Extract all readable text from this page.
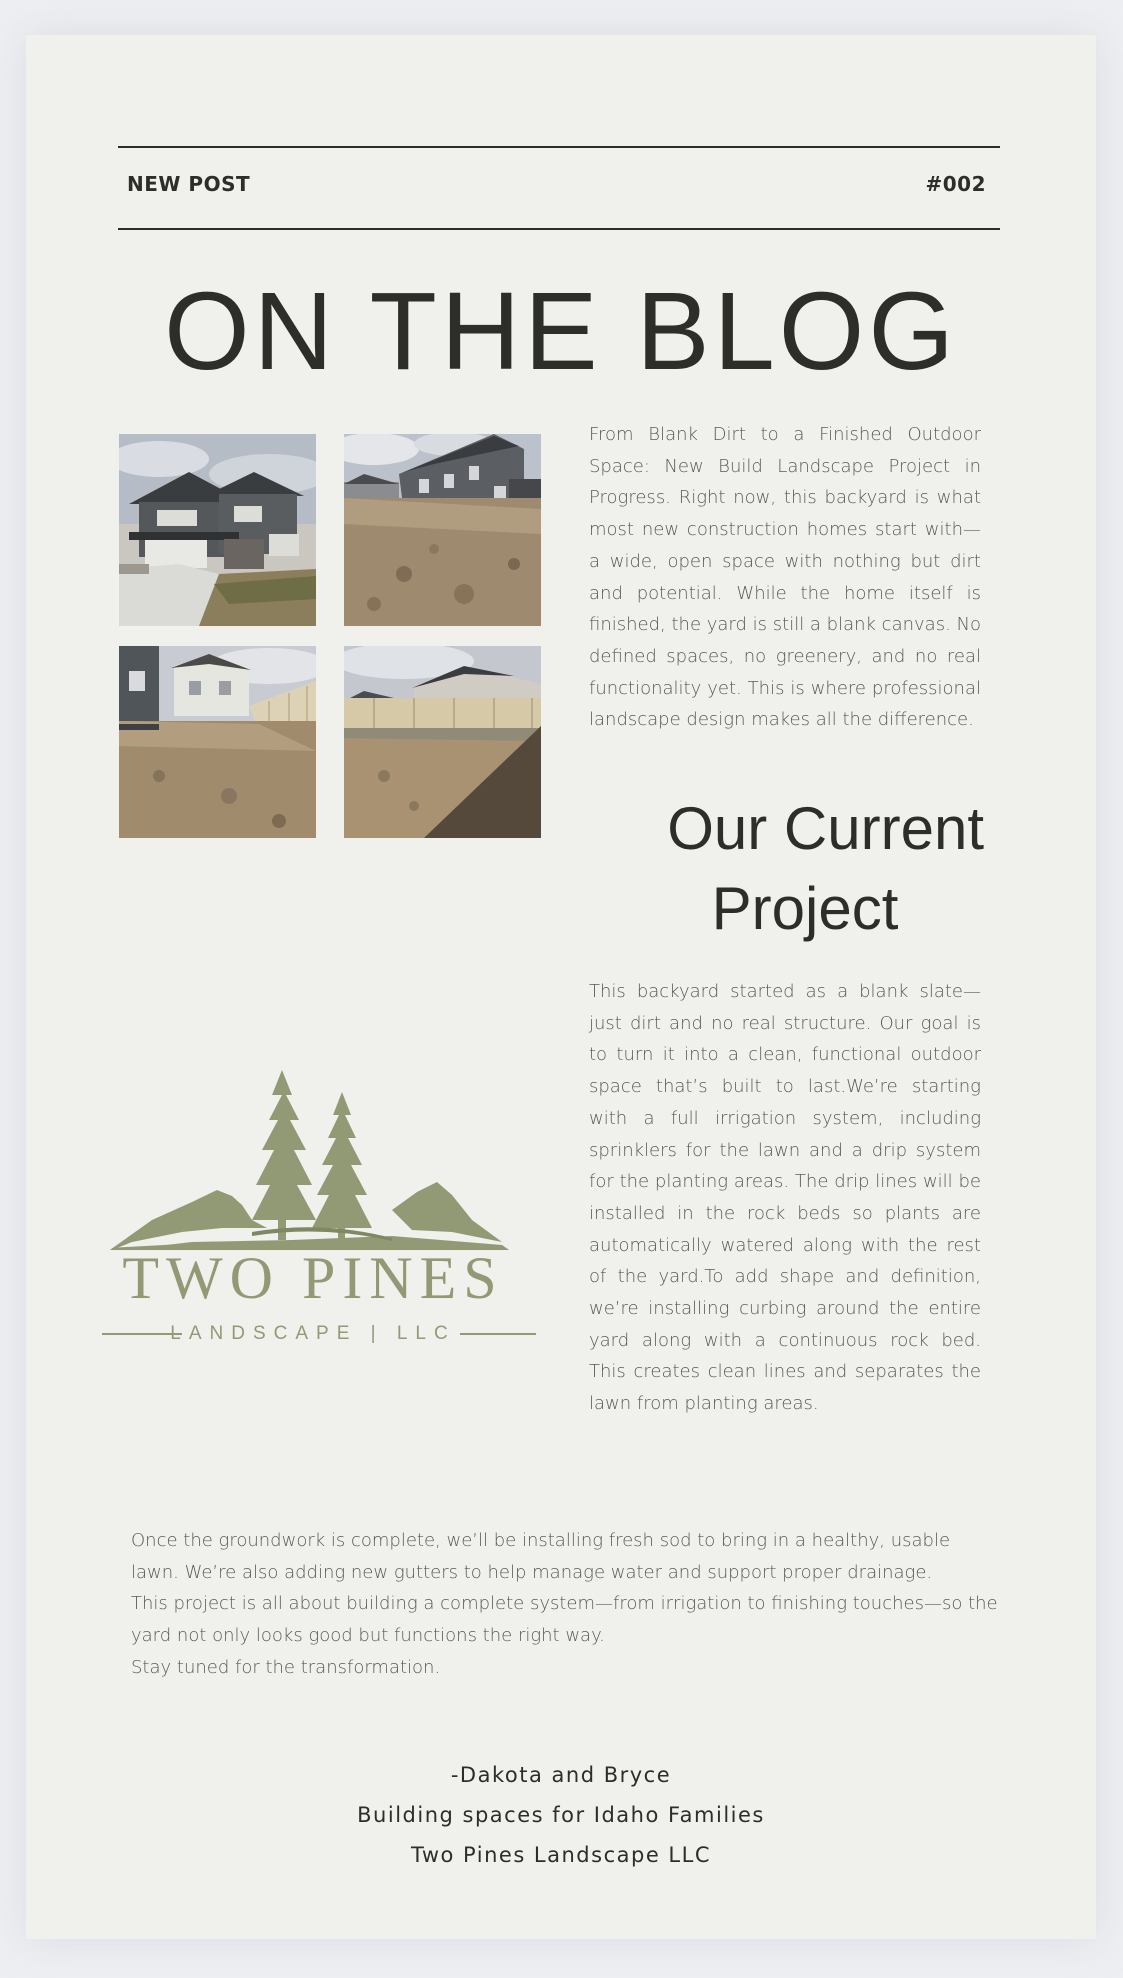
NEW POST	#002
ON THE BLOG

From Blank Dirt to a Finished Outdoor Space: New Build Landscape Project in Progress. Right now, this backyard is what most new construction homes start with—a wide, open space with nothing but dirt and potential. While the home itself is finished, the yard is still a blank canvas. No defined spaces, no greenery, and no real functionality yet. This is where professional landscape design makes all the difference.

Our Current
Project

This backyard started as a blank slate—just dirt and no real structure. Our goal is to turn it into a clean, functional outdoor space that’s built to last.We’re starting with a full irrigation system, including sprinklers for the lawn and a drip system for the planting areas. The drip lines will be installed in the rock beds so plants are automatically watered along with the rest of the yard.To add shape and definition, we’re installing curbing around the entire yard along with a continuous rock bed. This creates clean lines and separates the lawn from planting areas.

TWO PINES
LANDSCAPE | LLC

Once the groundwork is complete, we’ll be installing fresh sod to bring in a healthy, usable lawn. We’re also adding new gutters to help manage water and support proper drainage.

This project is all about building a complete system—from irrigation to finishing touches—so the yard not only looks good but functions the right way.

Stay tuned for the transformation.

-Dakota and Bryce

Building spaces for Idaho Families

Two Pines Landscape LLC
